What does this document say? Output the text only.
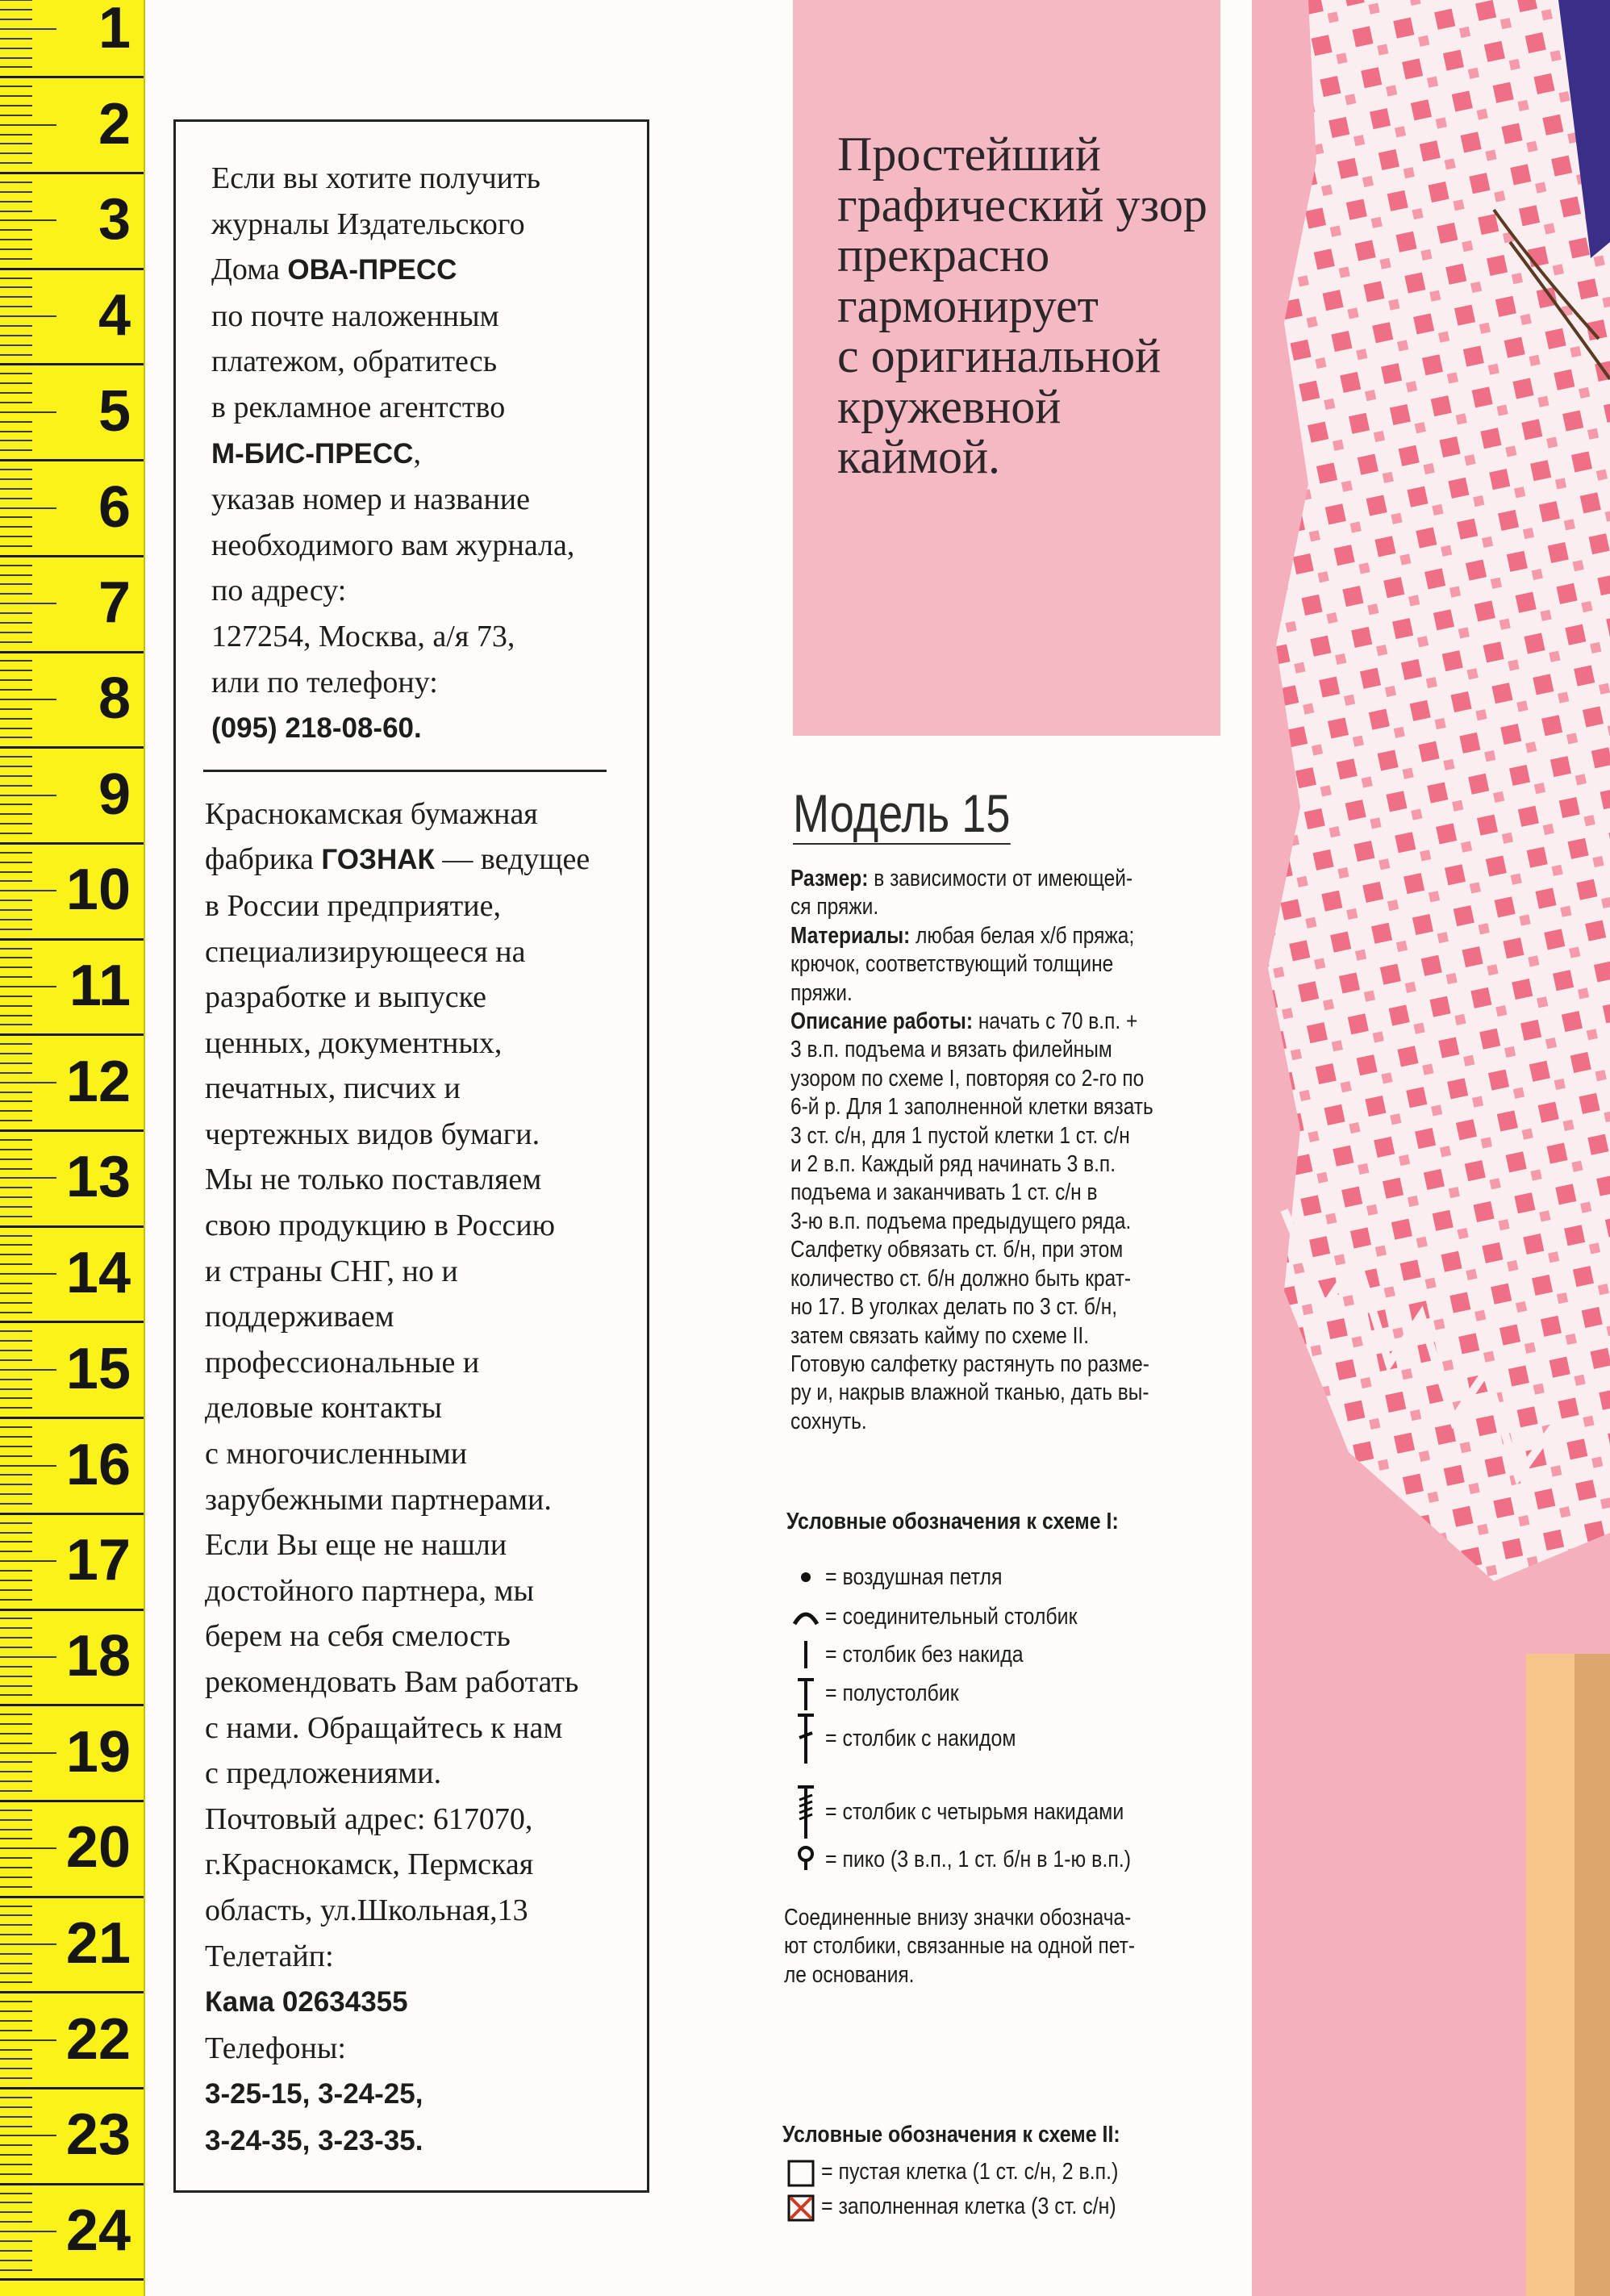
1
2
3
4
5
6
7
8
9
10
11
12
13
14
15
16
17
18
19
20
21
22
23
24
Если вы хотите получить
журналы Издательского
Дома ОВА-ПРЕСС
по почте наложенным
платежом, обратитесь
в рекламное агентство
М-БИС-ПРЕСС,
указав номер и название
необходимого вам журнала,
по адресу:
127254, Москва, а/я 73,
или по телефону:
(095) 218-08-60.
Краснокамская бумажная
фабрика ГОЗНАК — ведущее
в России предприятие,
специализирующееся на
разработке и выпуске
ценных, документных,
печатных, писчих и
чертежных видов бумаги.
Мы не только поставляем
свою продукцию в Россию
и страны СНГ, но и
поддерживаем
профессиональные и
деловые контакты
с многочисленными
зарубежными партнерами.
Если Вы еще не нашли
достойного партнера, мы
берем на себя смелость
рекомендовать Вам работать
с нами. Обращайтесь к нам
с предложениями.
Почтовый адрес: 617070,
г.Краснокамск, Пермская
область, ул.Школьная,13
Телетайп:
Кама 02634355
Телефоны:
3-25-15, 3-24-25,
3-24-35, 3-23-35.
Простейший
графический узор
прекрасно
гармонирует
с оригинальной
кружевной
каймой.
Модель 15
Размер: в зависимости от имеющей-
ся пряжи.
Материалы: любая белая х/б пряжа;
крючок, соответствующий толщине
пряжи.
Описание работы: начать с 70 в.п. +
3 в.п. подъема и вязать филейным
узором по схеме I, повторяя со 2-го по
6-й р. Для 1 заполненной клетки вязать
3 ст. с/н, для 1 пустой клетки 1 ст. с/н
и 2 в.п. Каждый ряд начинать 3 в.п.
подъема и заканчивать 1 ст. с/н в
3-ю в.п. подъема предыдущего ряда.
Салфетку обвязать ст. б/н, при этом
количество ст. б/н должно быть крат-
но 17. В уголках делать по 3 ст. б/н,
затем связать кайму по схеме II.
Готовую салфетку растянуть по разме-
ру и, накрыв влажной тканью, дать вы-
сохнуть.
Условные обозначения к схеме I:
= воздушная петля
= соединительный столбик
= столбик без накида
= полустолбик
= столбик с накидом
= столбик с четырьмя накидами
= пико (3 в.п., 1 ст. б/н в 1-ю в.п.)
Соединенные внизу значки обознача-
ют столбики, связанные на одной пет-
ле основания.
Условные обозначения к схеме II:
= пустая клетка (1 ст. с/н, 2 в.п.)
= заполненная клетка (3 ст. с/н)
